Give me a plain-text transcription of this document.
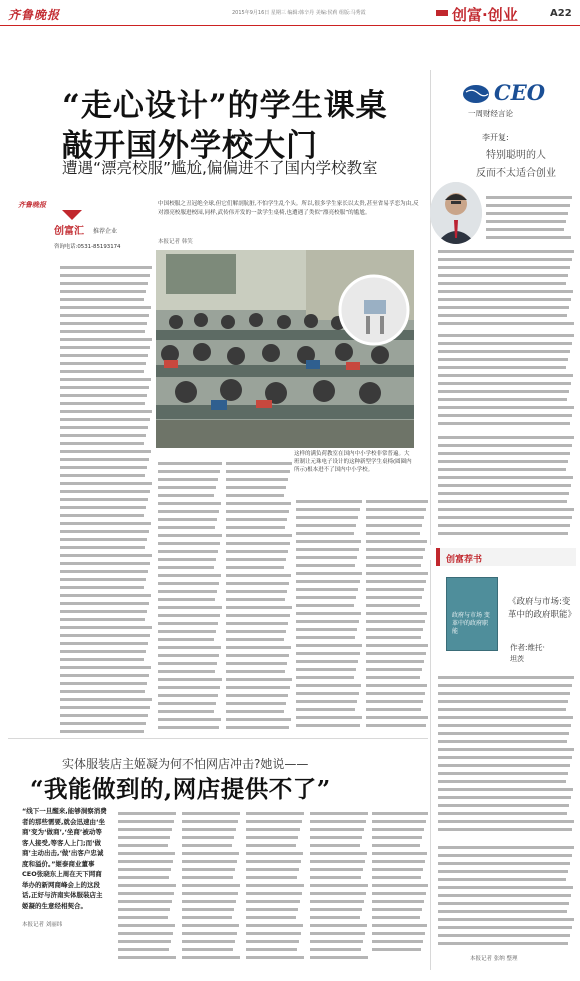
齐鲁晚报	2015年9月16日 星期三 编辑:韩辛丹 美编:侯莉 组版:马秀霞	创富·创业	A22
“走心设计”的学生课桌
敲开国外学校大门
遭遇“漂亮校服”尴尬,偏偏进不了国内学校教室
齐鲁晚报
创富汇 推荐企业
咨询电话:0531-85193174
中国校服之丑冠绝全球,但它们解剖肮脏,不怕学生乱个头。所以,很多学生家长以太贵,甚至省易孚恋为由,反对漂亮校服进校园,同样,武传伟开发的一款学生桌椅,也遭遇了类似“漂亮校服”的尴尬。
本报记者 韩笑
这样的满负荷教室在国内中小学校非常普遍。大班制让元珠电子设计的这种新型学生桌椅(圆圈内所示)根本进不了国内中小学校。
CEO
一周财经言论
李开复:
特别聪明的人
反而不太适合创业
创富荐书
政府与市场 变革中的政府职能
《政府与市场:变革中的政府职能》
作者:维托·
坦茨
本报记者 张纳 整理
实体服装店主姬凝为何不怕网店冲击?她说——
“我能做到的,网店提供不了”
“线下一旦醒来,能够洞察消费者的那些需要,就会迅速由‘坐商’变为‘做商’,‘坐商’被动等客人接受,等客人上门;而‘做商’主动出击,‘做’出客户忠诚度和溢价。”姬泰商业董事CEO张晓东上周在天下网商举办的新网商峰会上的这段话,正好与济南实体服装店主姬凝的生意经相契合。
本报记者 刘丽纬
